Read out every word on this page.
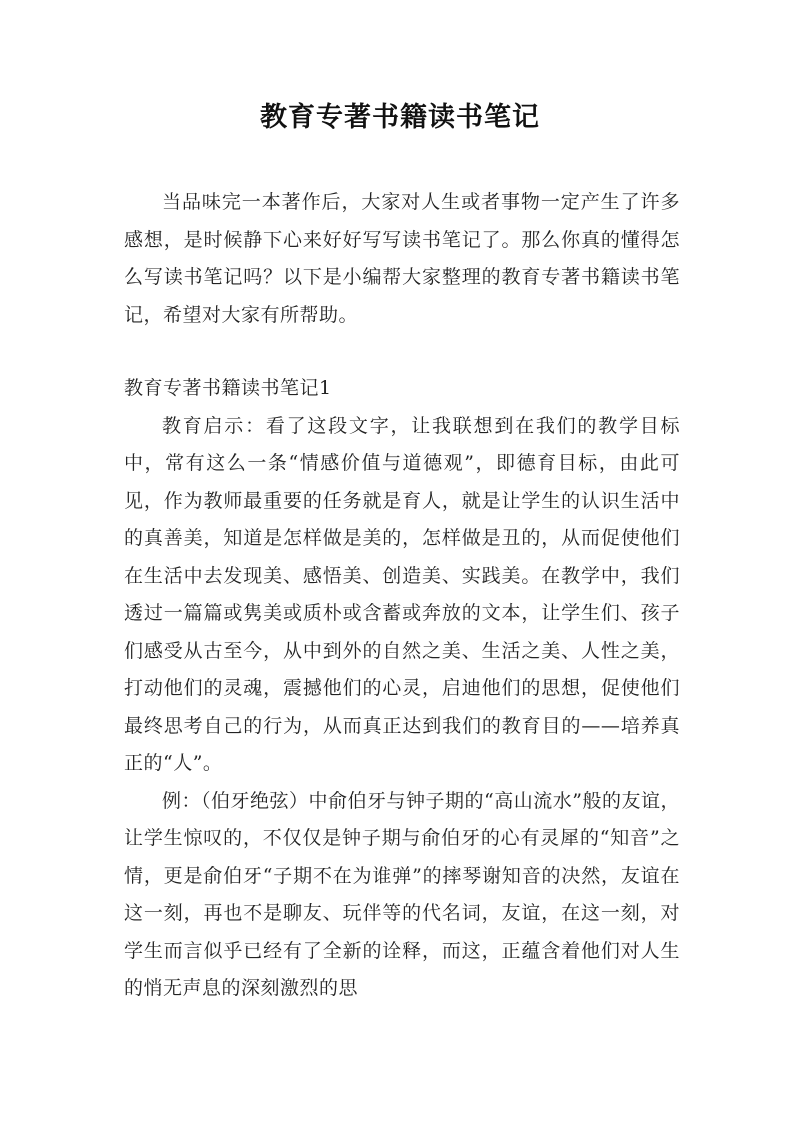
教育专著书籍读书笔记

当品味完一本著作后，大家对人生或者事物一定产生了许多感想，是时候静下心来好好写写读书笔记了。那么你真的懂得怎么写读书笔记吗？以下是小编帮大家整理的教育专著书籍读书笔记，希望对大家有所帮助。

教育专著书籍读书笔记1

教育启示：看了这段文字，让我联想到在我们的教学目标中，常有这么一条“情感价值与道德观”，即德育目标，由此可见，作为教师最重要的任务就是育人，就是让学生的认识生活中的真善美，知道是怎样做是美的，怎样做是丑的，从而促使他们在生活中去发现美、感悟美、创造美、实践美。在教学中，我们透过一篇篇或隽美或质朴或含蓄或奔放的文本，让学生们、孩子们感受从古至今，从中到外的自然之美、生活之美、人性之美，打动他们的灵魂，震撼他们的心灵，启迪他们的思想，促使他们最终思考自己的行为，从而真正达到我们的教育目的——培养真正的“人”。

例：（伯牙绝弦）中俞伯牙与钟子期的“高山流水”般的友谊，让学生惊叹的，不仅仅是钟子期与俞伯牙的心有灵犀的“知音”之情，更是俞伯牙“子期不在为谁弹”的摔琴谢知音的决然，友谊在这一刻，再也不是聊友、玩伴等的代名词，友谊，在这一刻，对学生而言似乎已经有了全新的诠释，而这，正蕴含着他们对人生的悄无声息的深刻激烈的思
